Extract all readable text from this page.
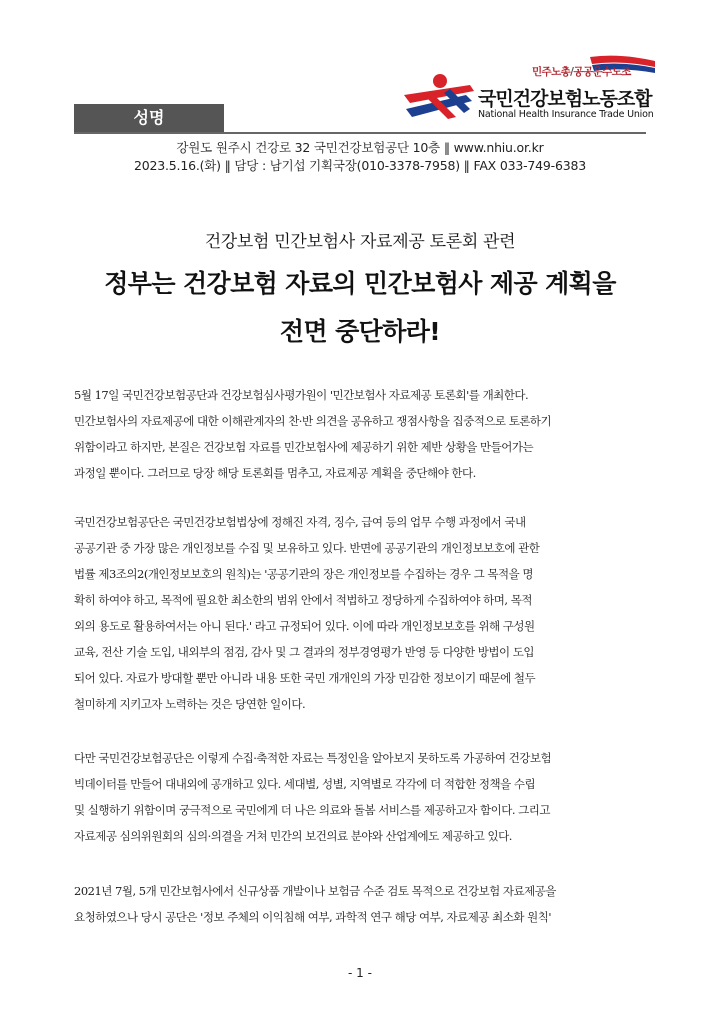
민주노총/공공운수노조
국민건강보험노동조합
National Health Insurance Trade Union
성명
강원도 원주시 건강로 32 국민건강보험공단 10층 ‖ www.nhiu.or.kr
2023.5.16.(화) ‖ 담당 : 남기섭 기획국장(010-3378-7958) ‖ FAX 033-749-6383
건강보험 민간보험사 자료제공 토론회 관련
정부는 건강보험 자료의 민간보험사 제공 계획을
전면 중단하라!
5월 17일 국민건강보험공단과 건강보험심사평가원이 '민간보험사 자료제공 토론회'를 개최한다.
민간보험사의 자료제공에 대한 이해관계자의 찬·반 의견을 공유하고 쟁점사항을 집중적으로 토론하기
위함이라고 하지만, 본질은 건강보험 자료를 민간보험사에 제공하기 위한 제반 상황을 만들어가는
과정일 뿐이다. 그러므로 당장 해당 토론회를 멈추고, 자료제공 계획을 중단해야 한다.
국민건강보험공단은 국민건강보험법상에 정해진 자격, 징수, 급여 등의 업무 수행 과정에서 국내
공공기관 중 가장 많은 개인정보를 수집 및 보유하고 있다. 반면에 공공기관의 개인정보보호에 관한
법률 제3조의2(개인정보보호의 원칙)는 '공공기관의 장은 개인정보를 수집하는 경우 그 목적을 명
확히 하여야 하고, 목적에 필요한 최소한의 범위 안에서 적법하고 정당하게 수집하여야 하며, 목적
외의 용도로 활용하여서는 아니 된다.' 라고 규정되어 있다. 이에 따라 개인정보보호를 위해 구성원
교육, 전산 기술 도입, 내외부의 점검, 감사 및 그 결과의 정부경영평가 반영 등 다양한 방법이 도입
되어 있다. 자료가 방대할 뿐만 아니라 내용 또한 국민 개개인의 가장 민감한 정보이기 때문에 철두
철미하게 지키고자 노력하는 것은 당연한 일이다.
다만 국민건강보험공단은 이렇게 수집·축적한 자료는 특정인을 알아보지 못하도록 가공하여 건강보험
빅데이터를 만들어 대내외에 공개하고 있다. 세대별, 성별, 지역별로 각각에 더 적합한 정책을 수립
및 실행하기 위함이며 궁극적으로 국민에게 더 나은 의료와 돌봄 서비스를 제공하고자 함이다. 그리고
자료제공 심의위원회의 심의·의결을 거쳐 민간의 보건의료 분야와 산업계에도 제공하고 있다.
2021년 7월, 5개 민간보험사에서 신규상품 개발이나 보험금 수준 검토 목적으로 건강보험 자료제공을
요청하였으나 당시 공단은 '정보 주체의 이익침해 여부, 과학적 연구 해당 여부, 자료제공 최소화 원칙'
- 1 -
